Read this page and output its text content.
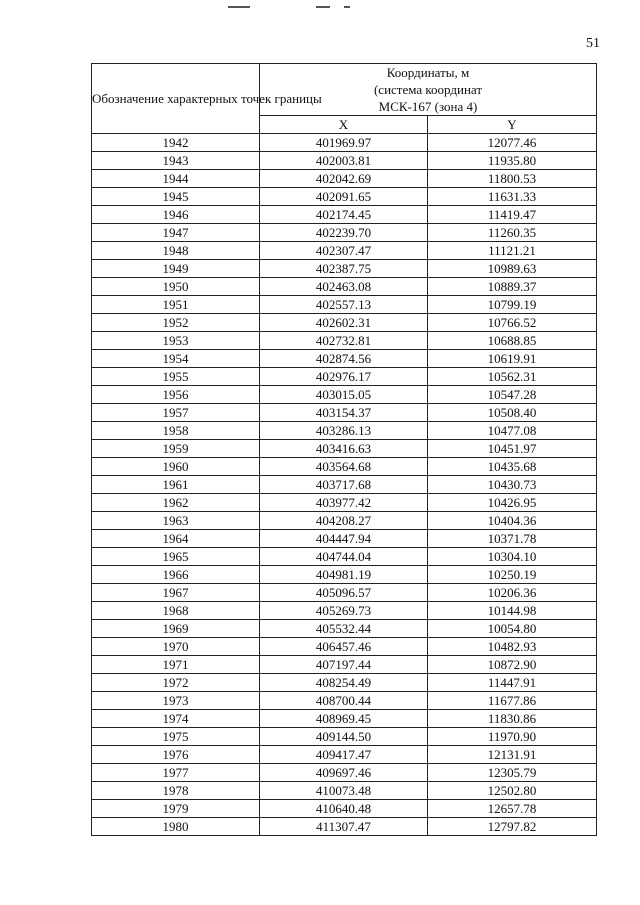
51
Обозначение характерных точек границы	Координаты, м
(система координат
МСК-167 (зона 4)	

	X	Y
1942	401969.97	12077.46
1943	402003.81	11935.80
1944	402042.69	11800.53
1945	402091.65	11631.33
1946	402174.45	11419.47
1947	402239.70	11260.35
1948	402307.47	11121.21
1949	402387.75	10989.63
1950	402463.08	10889.37
1951	402557.13	10799.19
1952	402602.31	10766.52
1953	402732.81	10688.85
1954	402874.56	10619.91
1955	402976.17	10562.31
1956	403015.05	10547.28
1957	403154.37	10508.40
1958	403286.13	10477.08
1959	403416.63	10451.97
1960	403564.68	10435.68
1961	403717.68	10430.73
1962	403977.42	10426.95
1963	404208.27	10404.36
1964	404447.94	10371.78
1965	404744.04	10304.10
1966	404981.19	10250.19
1967	405096.57	10206.36
1968	405269.73	10144.98
1969	405532.44	10054.80
1970	406457.46	10482.93
1971	407197.44	10872.90
1972	408254.49	11447.91
1973	408700.44	11677.86
1974	408969.45	11830.86
1975	409144.50	11970.90
1976	409417.47	12131.91
1977	409697.46	12305.79
1978	410073.48	12502.80
1979	410640.48	12657.78
1980	411307.47	12797.82
